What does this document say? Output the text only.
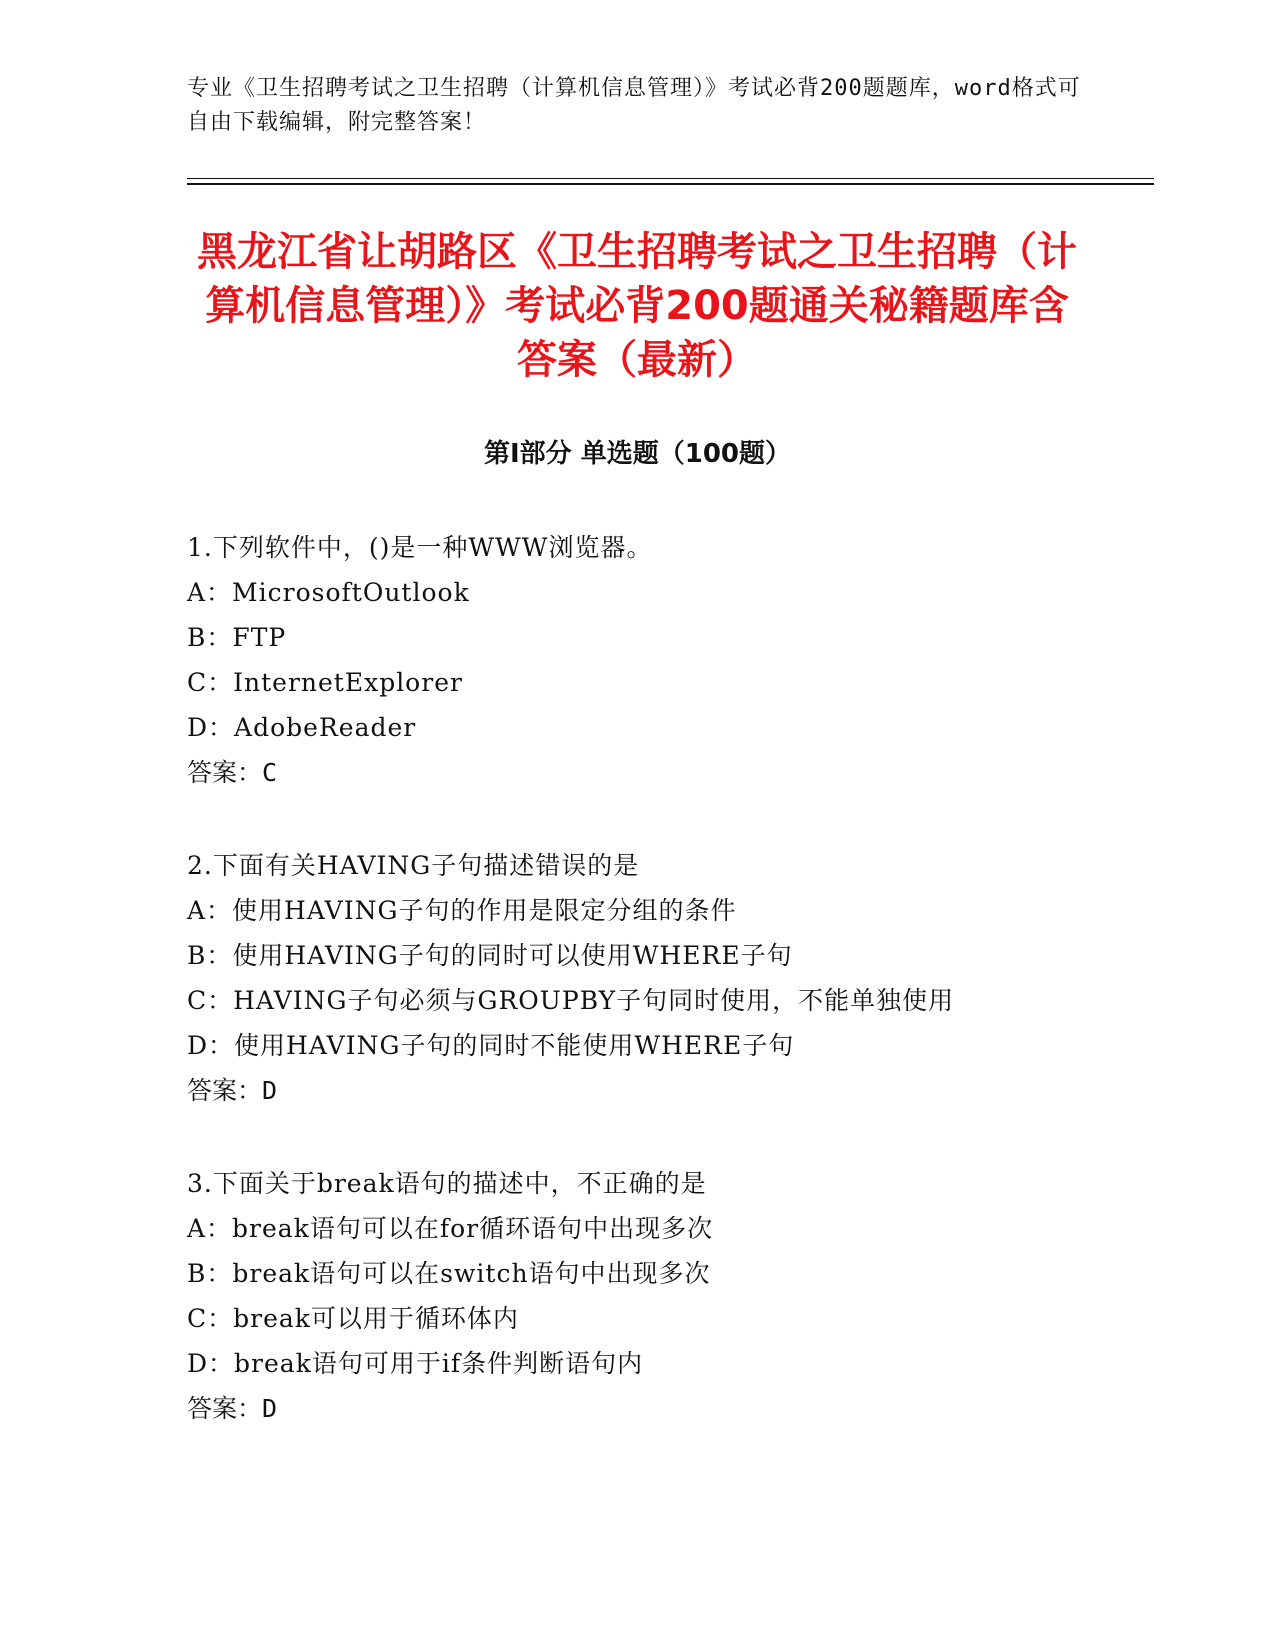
专业《卫生招聘考试之卫生招聘（计算机信息管理）》考试必背200题题库，word格式可自由下载编辑，附完整答案！
黑龙江省让胡路区《卫生招聘考试之卫生招聘（计算机信息管理）》考试必背200题通关秘籍题库含答案（最新）
第Ⅰ部分 单选题（100题）
1.下列软件中，()是一种WWW浏览器。
A：MicrosoftOutlook
B：FTP
C：InternetExplorer
D：AdobeReader
答案：C
2.下面有关HAVING子句描述错误的是
A：使用HAVING子句的作用是限定分组的条件
B：使用HAVING子句的同时可以使用WHERE子句
C：HAVING子句必须与GROUPBY子句同时使用，不能单独使用
D：使用HAVING子句的同时不能使用WHERE子句
答案：D
3.下面关于break语句的描述中，不正确的是
A：break语句可以在for循环语句中出现多次
B：break语句可以在switch语句中出现多次
C：break可以用于循环体内
D：break语句可用于if条件判断语句内
答案：D
